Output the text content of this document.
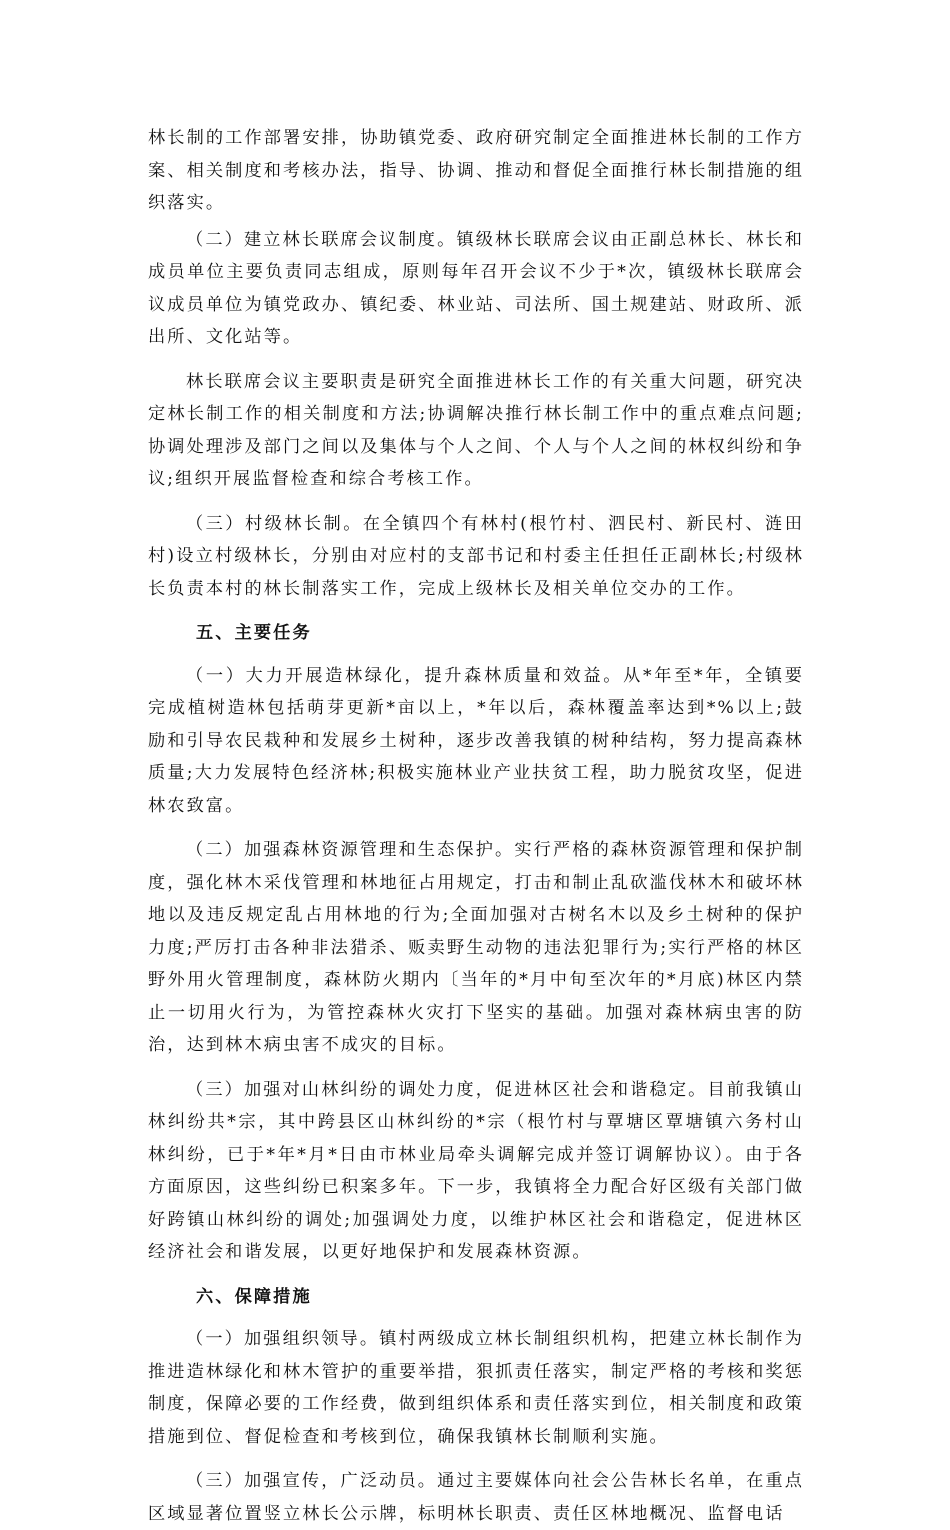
林长制的工作部署安排，协助镇党委、政府研究制定全面推进林长制的工作方案、相关制度和考核办法，指导、协调、推动和督促全面推行林长制措施的组织落实。

（二）建立林长联席会议制度。镇级林长联席会议由正副总林长、林长和成员单位主要负责同志组成，原则每年召开会议不少于*次，镇级林长联席会议成员单位为镇党政办、镇纪委、林业站、司法所、国土规建站、财政所、派出所、文化站等。

林长联席会议主要职责是研究全面推进林长工作的有关重大问题，研究决定林长制工作的相关制度和方法;协调解决推行林长制工作中的重点难点问题;协调处理涉及部门之间以及集体与个人之间、个人与个人之间的林权纠纷和争议;组织开展监督检查和综合考核工作。

（三）村级林长制。在全镇四个有林村(根竹村、泗民村、新民村、涟田村)设立村级林长，分别由对应村的支部书记和村委主任担任正副林长;村级林长负责本村的林长制落实工作，完成上级林长及相关单位交办的工作。

五、主要任务

（一）大力开展造林绿化，提升森林质量和效益。从*年至*年，全镇要完成植树造林包括萌芽更新*亩以上，*年以后，森林覆盖率达到*%以上;鼓励和引导农民栽种和发展乡土树种，逐步改善我镇的树种结构，努力提高森林质量;大力发展特色经济林;积极实施林业产业扶贫工程，助力脱贫攻坚，促进林农致富。

（二）加强森林资源管理和生态保护。实行严格的森林资源管理和保护制度，强化林木采伐管理和林地征占用规定，打击和制止乱砍滥伐林木和破坏林地以及违反规定乱占用林地的行为;全面加强对古树名木以及乡土树种的保护力度;严厉打击各种非法猎杀、贩卖野生动物的违法犯罪行为;实行严格的林区野外用火管理制度，森林防火期内〔当年的*月中旬至次年的*月底)林区内禁止一切用火行为，为管控森林火灾打下坚实的基础。加强对森林病虫害的防治，达到林木病虫害不成灾的目标。

（三）加强对山林纠纷的调处力度，促进林区社会和谐稳定。目前我镇山林纠纷共*宗，其中跨县区山林纠纷的*宗（根竹村与覃塘区覃塘镇六务村山林纠纷，已于*年*月*日由市林业局牵头调解完成并签订调解协议）。由于各方面原因，这些纠纷已积案多年。下一步，我镇将全力配合好区级有关部门做好跨镇山林纠纷的调处;加强调处力度，以维护林区社会和谐稳定，促进林区经济社会和谐发展，以更好地保护和发展森林资源。

六、保障措施

（一）加强组织领导。镇村两级成立林长制组织机构，把建立林长制作为推进造林绿化和林木管护的重要举措，狠抓责任落实，制定严格的考核和奖惩制度，保障必要的工作经费，做到组织体系和责任落实到位，相关制度和政策措施到位、督促检查和考核到位，确保我镇林长制顺利实施。

（三）加强宣传，广泛动员。通过主要媒体向社会公告林长名单，在重点区域显著位置竖立林长公示牌，标明林长职责、责任区林地概况、监督电话
